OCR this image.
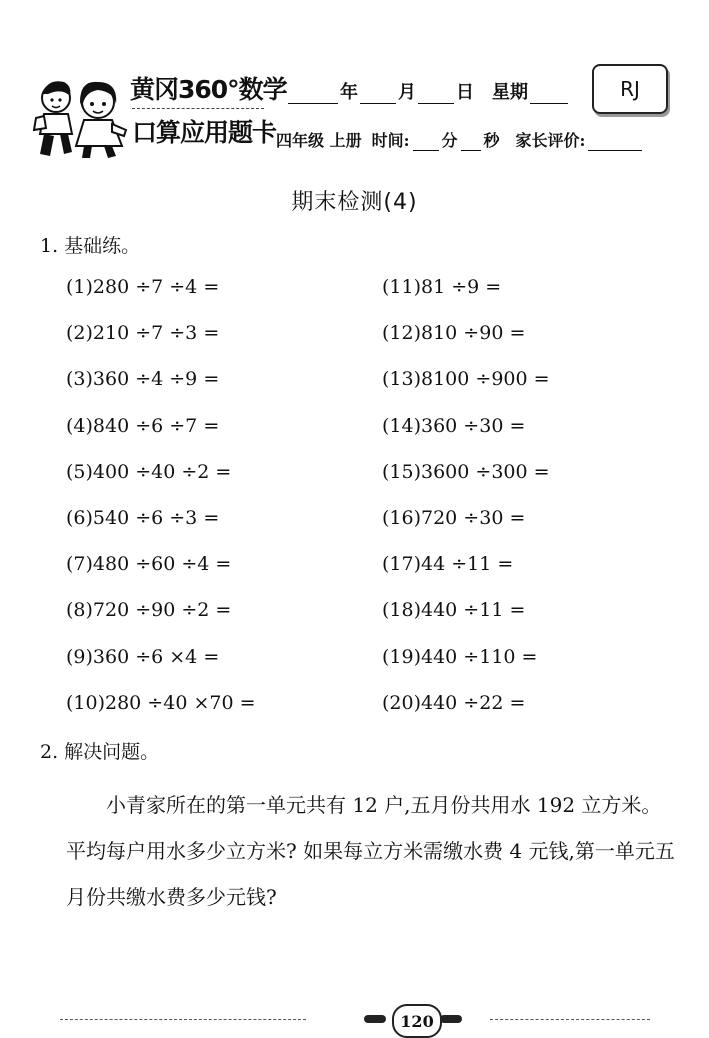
黄冈360°数学
口算应用题卡
年 月 日 星期	RJ
四年级 上册 时间: 分 秒 家长评价:
期末检测(4)
1. 基础练。
(1)280 ÷7 ÷4 =	(11)81 ÷9 =
(2)210 ÷7 ÷3 =	(12)810 ÷90 =
(3)360 ÷4 ÷9 =	(13)8100 ÷900 =
(4)840 ÷6 ÷7 =	(14)360 ÷30 =
(5)400 ÷40 ÷2 =	(15)3600 ÷300 =
(6)540 ÷6 ÷3 =	(16)720 ÷30 =
(7)480 ÷60 ÷4 =	(17)44 ÷11 =
(8)720 ÷90 ÷2 =	(18)440 ÷11 =
(9)360 ÷6 ×4 =	(19)440 ÷110 =
(10)280 ÷40 ×70 =	(20)440 ÷22 =
2. 解决问题。
小青家所在的第一单元共有 12 户,五月份共用水 192 立方米。平均每户用水多少立方米? 如果每立方米需缴水费 4 元钱,第一单元五月份共缴水费多少元钱?
120
